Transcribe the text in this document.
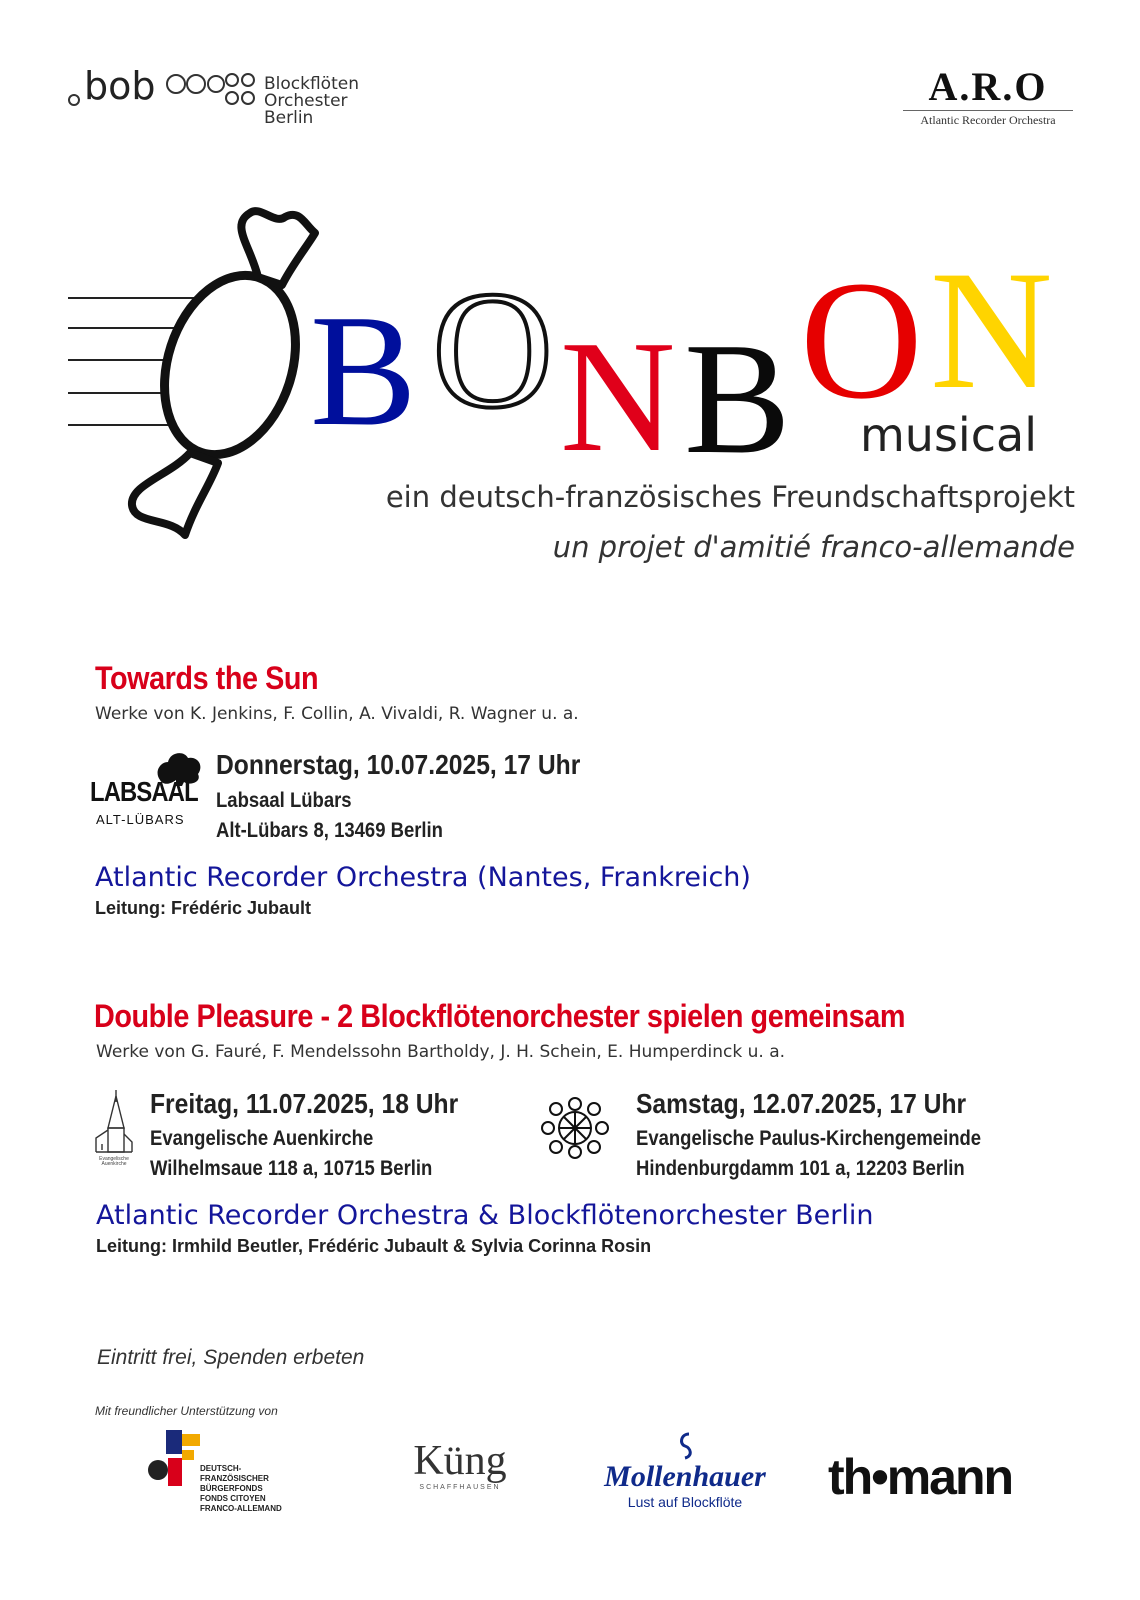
bob	Blockflöten
Orchester
Berlin
A.R.O
Atlantic Recorder Orchestra
B O N B O N
musical
ein deutsch-französisches Freundschaftsprojekt
un projet d'amitié franco-allemande
Towards the Sun
Werke von K. Jenkins, F. Collin, A. Vivaldi, R. Wagner u. a.
LABSAAL
ALT-LÜBARS
Donnerstag, 10.07.2025, 17 Uhr
Labsaal Lübars
Alt-Lübars 8, 13469 Berlin
Atlantic Recorder Orchestra (Nantes, Frankreich)
Leitung: Frédéric Jubault
Double Pleasure - 2 Blockflötenorchester spielen gemeinsam
Werke von G. Fauré, F. Mendelssohn Bartholdy, J. H. Schein, E. Humperdinck u. a.
Evangelische
Auenkirche
Freitag, 11.07.2025, 18 Uhr
Evangelische Auenkirche
Wilhelmsaue 118 a, 10715 Berlin
Samstag, 12.07.2025, 17 Uhr
Evangelische Paulus-Kirchengemeinde
Hindenburgdamm 101 a, 12203 Berlin
Atlantic Recorder Orchestra & Blockflötenorchester Berlin
Leitung: Irmhild Beutler, Frédéric Jubault & Sylvia Corinna Rosin
Eintritt frei, Spenden erbeten
Mit freundlicher Unterstützung von
DEUTSCH-
FRANZÖSISCHER
BÜRGERFONDS
FONDS CITOYEN
FRANCO-ALLEMAND
Küng
SCHAFFHAUSEN	Mollenhauer
Lust auf Blockflöte	th•mann
